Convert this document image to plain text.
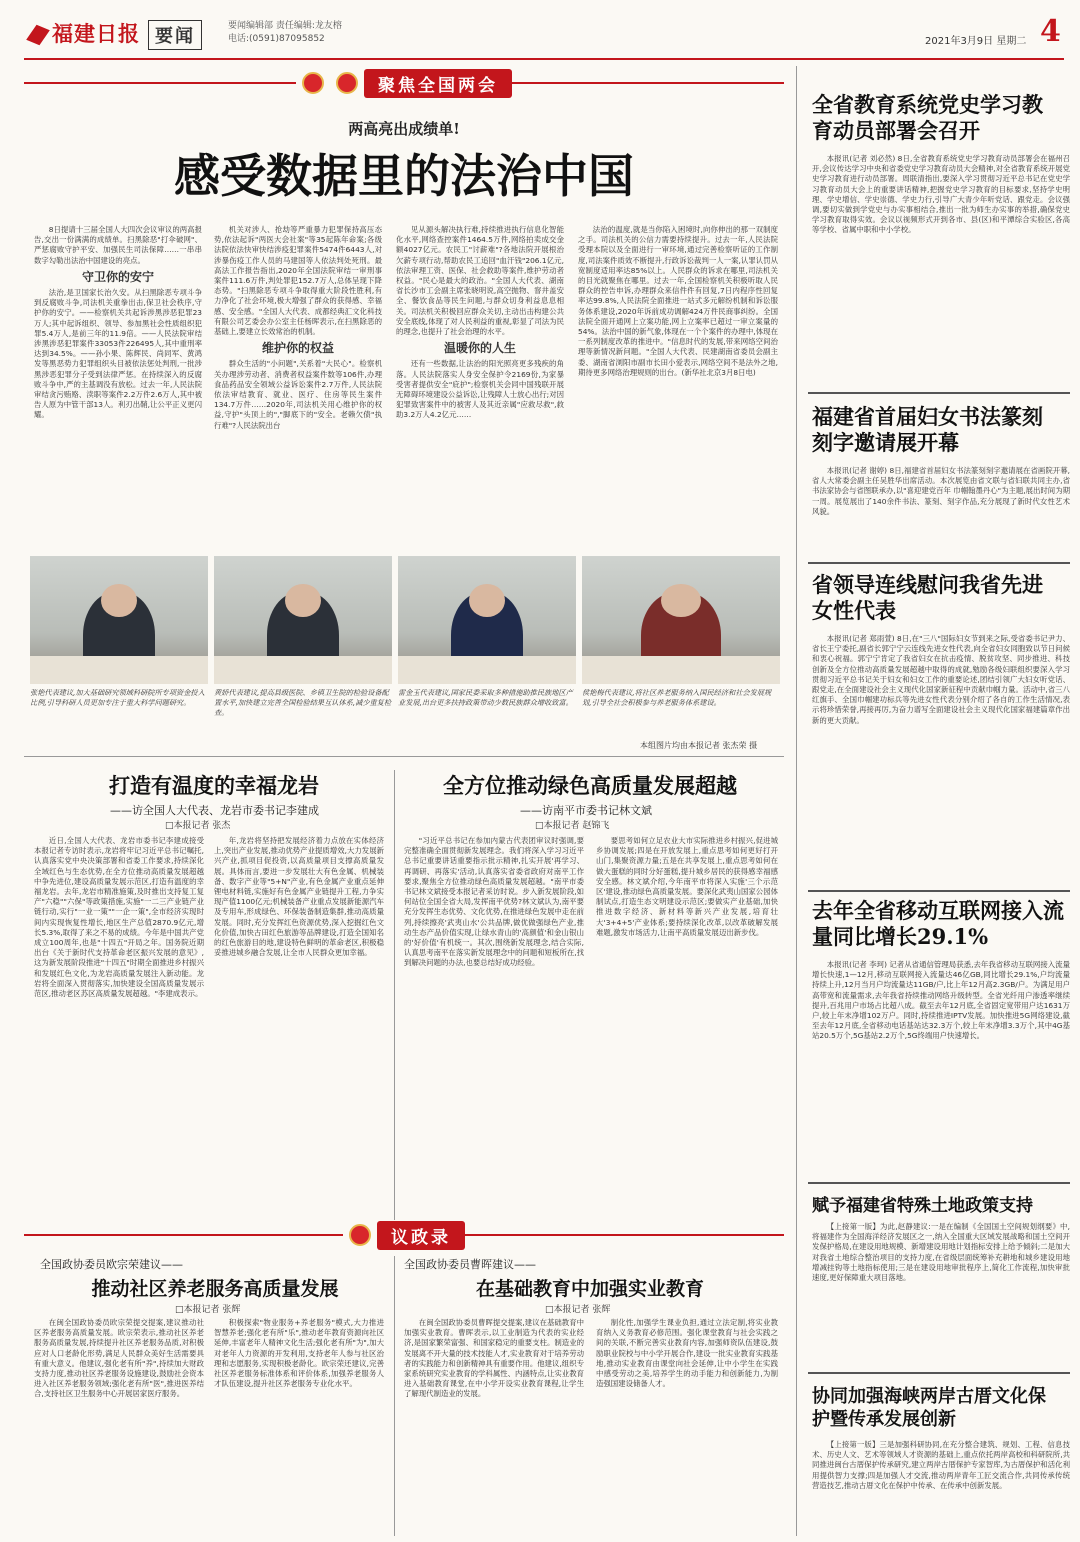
福建日报 要闻	要闻编辑部 责任编辑:龙友榕
电话:(0591)87095852	2021年3月9日 星期二 4
聚焦全国两会
两高亮出成绩单!
感受数据里的法治中国

8日提请十三届全国人大四次会议审议的两高报告,交出一份满满的成绩单。扫黑除恶"打伞破网"、严惩腐败守护平安、加强民生司法保障……一串串数字勾勒出法治中国建设的亮点。

守卫你的安宁

法治,是卫国家长治久安。从扫黑除恶专项斗争到反腐败斗争,司法机关重拳出击,保卫社会秩序,守护你的安宁。——检察机关共起诉涉黑涉恶犯罪23万人;其中起诉组织、领导、参加黑社会性质组织犯罪5.4万人,是前三年的11.9倍。——人民法院审结涉黑涉恶犯罪案件33053件226495人,其中重刑率达到34.5%。——孙小果、陈辉民、尚同军、黄鸿发等黑恶势力犯罪组织头目被依法惩处判刑,一批涉黑涉恶犯罪分子受到法律严惩。在持续深入的反腐败斗争中,严的主基调没有放松。过去一年,人民法院审结贪污贿赂、渎职等案件2.2万件2.6万人,其中被告人原为中管干部13人。利刃出鞘,让公平正义更闪耀。

机关对涉人、抢劫等严重暴力犯罪保持高压态势,依法起诉"两医大会社案"等35起陈年命案;各级法院依法快审快结涉疫犯罪案件5474件6443人,对涉暴伤疫工作人员的马建国等人依法判处死刑。最高法工作报告指出,2020年全国法院审结一审刑事案件111.6万件,判处罪犯152.7万人,总体呈现下降态势。"扫黑除恶专项斗争取得重大阶段性胜利,有力净化了社会环境,极大增强了群众的获得感、幸福感、安全感。"全国人大代表、成都经典汇文化科技有限公司艺委会办公室主任杨晖表示,在扫黑除恶的基础上,要建立长效常治的机制。

维护你的权益

群众生活的"小问题",关系着"大民心"。检察机关办理涉劳动者、消费者权益案件数等106件,办理食品药品安全领域公益诉讼案件2.7万件,人民法院依法审结教育、就业、医疗、住房等民生案件134.7万件……2020年,司法机关用心维护你的权益,守护"头顶上的","脚底下的"安全。老赖欠债"执行难"?人民法院出台

见从源头解决执行难,持续推进执行信息化智能化水平,网络查控案件1464.5万件,网络拍卖成交金额4027亿元。农民工"讨薪难"?各地法院开展根治欠薪专项行动,帮助农民工追回"血汗钱"206.1亿元,依法审理工资、医保、社会救助等案件,维护劳动者权益。"民心是最大的政治。"全国人大代表、湖南省长沙市工会副主席张晓明说,高空抛物、窨井盖安全、餐饮食品等民生问题,与群众切身利益息息相关。司法机关积极回应群众关切,主动出击构建公共安全底线,体现了对人民利益的重视,彰显了司法为民的理念,也提升了社会治理的水平。

温暖你的人生

还有一些数据,让法治的阳光照亮更多残疾的角落。人民法院落实人身安全保护令2169份,为家暴受害者提供安全"庇护";检察机关会同中国残联开展无障碍环境建设公益诉讼,让残障人士放心出行;对因犯罪致害案件中的被害人及其近亲属"应救尽救",救助3.2万人4.2亿元……

法治的温度,就是当你陷入困境时,向你伸出的那一双制度之手。司法机关的公信力需要持续提升。过去一年,人民法院受理本院以及全面进行一审环境,通过完善检察听证的工作制度,司法案件质效不断提升,行政诉讼裁判一人一案,认罪认罚从宽制度适用率达85%以上。人民群众的诉求在哪里,司法机关的目光就聚焦在哪里。过去一年,全国检察机关积极听取人民群众的控告申诉,办理群众来信件件有回复,7日内程序性回复率达99.8%,人民法院全面推进一站式多元解纷机制和诉讼服务体系建设,2020年诉前成功调解424万件民商事纠纷。全国法院全面开通网上立案功能,网上立案率已超过一审立案量的54%。法治中国的新气象,体现在一个个案件的办理中,体现在一系列制度改革的推进中。"信息时代的发展,带来网络空间治理等新情况新问题。"全国人大代表、民建湖南省委员会副主委、湖南省浏阳市副市长田小爱表示,网络空间不是法外之地,期待更多网络治理规则的出台。(新华社北京3月8日电)

张艳代表建议,加大基础研究领域科研院所专项资金投入比例,引导科研人员更加专注于重大科学问题研究。
黄娇代表建议,提高县级医院、乡镇卫生院的检验设备配置水平,加快建立完善全国检验结果互认体系,减少重复检查。
雷金玉代表建议,国家民委采取多种措施助推民族地区产业发展,出台更多扶持政策带动少数民族群众增收致富。
侯艳梅代表建议,将社区养老服务纳入国民经济和社会发展规划,引导全社会积极参与养老服务体系建设。
本组图片均由本报记者 张杰荣 摄
打造有温度的幸福龙岩
——访全国人大代表、龙岩市委书记李建成
□本报记者 张杰

近日,全国人大代表、龙岩市委书记李建成接受本报记者专访时表示,龙岩将牢记习近平总书记嘱托,认真落实党中央决策部署和省委工作要求,持续深化全域红色与生态优势,在全方位推动高质量发展超越中争先进位,建设高质量发展示范区,打造有温度的幸福龙岩。去年,龙岩市精准施策,及时推出支持复工复产"六稳""六保"等政策措施,实施"一二三产业链产业链行动,实行"一业一策""一企一策",全市经济实现时间内实现恢复性增长,地区生产总值2870.9亿元,增长5.3%,取得了来之不易的成绩。今年是中国共产党成立100周年,也是"十四五"开局之年。国务院近期出台《关于新时代支持革命老区振兴发展的意见》,这为新发展阶段推进"十四五"时期全面推进乡村振兴和发展红色文化,为龙岩高质量发展注入新动能。龙岩将全面深入贯彻落实,加快建设全国高质量发展示范区,推动老区苏区高质量发展超越。"李建成表示。

年,龙岩将坚持把发展经济着力点放在实体经济上,突出产业发展,推动优势产业提质增效,大力发展新兴产业,抓项目促投资,以高质量项目支撑高质量发展。具体而言,要进一步发展壮大有色金属、机械装备、数字产业等"5+N"产业,有色金属产业重点延伸锂电材料链,实施好有色金属产业链提升工程,力争实现产值1100亿元;机械装备产业重点发展新能源汽车及专用车,形成绿色、环保装备制造集群,推动高质量发展。同时,充分发挥红色资源优势,深入挖掘红色文化价值,加快古田红色旅游等品牌建设,打造全国知名的红色旅游目的地,建设特色鲜明的革命老区,积极稳妥推进城乡融合发展,让全市人民群众更加幸福。

全方位推动绿色高质量发展超越
——访南平市委书记林文斌
□本报记者 赵锦飞

"习近平总书记在参加内蒙古代表团审议时强调,要完整准确全面贯彻新发展理念。我们将深入学习习近平总书记重要讲话重要指示批示精神,扎实开展'再学习、再调研、再落实'活动,认真落实省委省政府对南平工作要求,聚焦全方位推动绿色高质量发展超越。"南平市委书记林文斌接受本报记者采访时说。步入新发展阶段,如何站位全国全省大局,发挥南平优势?林文斌认为,南平要充分发挥生态优势、文化优势,在推进绿色发展中走在前列,持续擦亮'武夷山水'公共品牌,做优做强绿色产业,推动生态产品价值实现,让绿水青山的'高颜值'和金山银山的'好价值'有机统一。其次,围绕新发展理念,结合实际,认真思考南平在落实新发展理念中的问题和短板所在,找到解决问题的办法,也要总结好成功经验。

要思考如何立足农业大市实际推进乡村振兴,促进城乡协调发展;四是在开放发展上,重点思考如何更好打开山门,集聚资源力量;五是在共享发展上,重点思考如何在做大蛋糕的同时分好蛋糕,提升城乡居民的获得感幸福感安全感。林文斌介绍,今年南平市将深入实施'三个示范区'建设,推动绿色高质量发展。要深化武夷山国家公园体制试点,打造生态文明建设示范区;要做实产业基础,加快推进数字经济、新材料等新兴产业发展,培育壮大'3+4+5'产业体系;要持续深化改革,以改革破解发展难题,激发市场活力,让南平高质量发展迈出新步伐。

议政录
全国政协委员欧宗荣建议——
推动社区养老服务高质量发展
□本报记者 张辉

在闽全国政协委员欧宗荣提交提案,建议推动社区养老服务高质量发展。欧宗荣表示,推动社区养老服务高质量发展,持续提升社区养老服务品质,对积极应对人口老龄化形势,满足人民群众美好生活需要具有重大意义。他建议,强化老有所"养",持续加大财政支持力度,推动社区养老服务设施建设,鼓励社会资本进入社区养老服务领域;强化老有所"医",推进医养结合,支持社区卫生服务中心开展居家医疗服务。

积极探索"物业服务+养老服务"模式,大力推进智慧养老;强化老有所"乐",推动老年教育资源向社区延伸,丰富老年人精神文化生活;强化老有所"为",加大对老年人力资源的开发利用,支持老年人参与社区治理和志愿服务,实现积极老龄化。欧宗荣还建议,完善社区养老服务标准体系和评价体系,加强养老服务人才队伍建设,提升社区养老服务专业化水平。

全国政协委员曹晖建议——
在基础教育中加强实业教育
□本报记者 张辉

在闽全国政协委员曹晖提交提案,建议在基础教育中加强实业教育。曹晖表示,以工业制造为代表的实业经济,是国家繁荣富强、和国家稳定的重要支柱。制造业的发展离不开大量的技术技能人才,实业教育对于培养劳动者的实践能力和创新精神具有重要作用。他建议,组织专家系统研究实业教育的学科属性、内涵特点,让实业教育进入基础教育课堂,在中小学开设实业教育课程,让学生了解现代制造业的发展。

制化性,加强学生课业负担,通过立法定制,将实业教育纳入义务教育必修范围。强化课堂教育与社会实践之间的关联,不断完善实业教育内容,加强师资队伍建设,鼓励职业院校与中小学开展合作,建设一批实业教育实践基地,推动实业教育由课堂向社会延伸,让中小学生在实践中感受劳动之美,培养学生的动手能力和创新能力,为制造强国建设储备人才。

全省教育系统党史学习教育动员部署会召开

本报讯(记者 刘必然) 8日,全省教育系统党史学习教育动员部署会在福州召开,会议传达学习中央和省委党史学习教育动员大会精神,对全省教育系统开展党史学习教育进行动员部署。周联清指出,要深入学习贯彻习近平总书记在党史学习教育动员大会上的重要讲话精神,把握党史学习教育的目标要求,坚持学史明理、学史增信、学史崇德、学史力行,引导广大青少年听党话、跟党走。会议强调,要切实做到学党史与办实事相结合,推出一批为师生办实事的举措,确保党史学习教育取得实效。会议以视频形式开到各市、县(区)和平潭综合实验区,各高等学校、省属中职和中小学校。

福建省首届妇女书法篆刻刻字邀请展开幕

本报讯(记者 谢婷) 8日,福建省首届妇女书法篆刻刻字邀请展在省画院开幕,省人大常委会副主任吴胜华出席活动。本次展览由省文联与省妇联共同主办,省书法家协会与省图联承办,以"喜迎建党百年 巾帼翰墨丹心"为主题,展出时间为期一周。展览展出了140余件书法、篆刻、刻字作品,充分展现了新时代女性艺术风貌。

省领导连线慰问我省先进女性代表

本报讯(记者 郑雨萱) 8日,在"三八"国际妇女节到来之际,受省委书记尹力、省长王宁委托,副省长郭宁宁云连线先进女性代表,向全省妇女同胞致以节日问候和衷心祝福。郭宁宁肯定了我省妇女在抗击疫情、脱贫攻坚、同步推进、科技创新及全方位推动高质量发展超越中取得的成就,勉励各级妇联组织要深入学习贯彻习近平总书记关于妇女和妇女工作的重要论述,团结引领广大妇女听党话、跟党走,在全面建设社会主义现代化国家新征程中贡献巾帼力量。活动中,省三八红旗手、全国巾帼建功标兵等先进女性代表分别介绍了各自的工作生活情况,表示将珍惜荣誉,再接再厉,为奋力谱写全面建设社会主义现代化国家福建篇章作出新的更大贡献。

去年全省移动互联网接入流量同比增长29.1%

本报讯(记者 李珂) 记者从省通信管理局获悉,去年我省移动互联网接入流量增长快速,1—12月,移动互联网接入流量达46亿GB,同比增长29.1%,户均流量持续上升,12月当月户均流量达11GB/户,比上年12月高2.3GB/户。为满足用户高带宽和流量需求,去年我省持续推动网络升级转型。全省光纤用户渗透率继续提升,百兆用户市场占比超八成。截至去年12月底,全省固定宽带用户达1631万户,较上年末净增102万户。同时,持续推进IPTV发展。加快推进5G网络建设,截至去年12月底,全省移动电话基站达32.3万个,较上年末净增3.3万个,其中4G基站20.5万个,5G基站2.2万个,5G终端用户快速增长。

赋予福建省特殊土地政策支持

【上接第一版】为此,赵静建议:一是在编制《全国国土空间规划纲要》中,将福建作为全国海洋经济发展区之一,纳入全国重大区域发展战略和国土空间开发保护格局,在建设用地规模、新增建设用地计划指标安排上给予倾斜;二是加大对我省土地综合整治项目的支持力度,在省级层面统筹补充耕地和城乡建设用地增减挂钩等土地指标使用;三是在建设用地审批程序上,简化工作流程,加快审批速度,更好保障重大项目落地。

协同加强海峡两岸古厝文化保护暨传承发展创新

【上接第一版】三是加强科研协同,在充分整合建筑、规划、工程、信息技术、历史人文、艺术等领域人才资源的基础上,重点依托两岸高校和科研院所,共同推进闽台古厝保护传承研究,建立两岸古厝保护专家智库,为古厝保护和活化利用提供智力支撑;四是加强人才交流,推动两岸青年工匠交流合作,共同传承传统营造技艺,推动古厝文化在保护中传承、在传承中创新发展。
